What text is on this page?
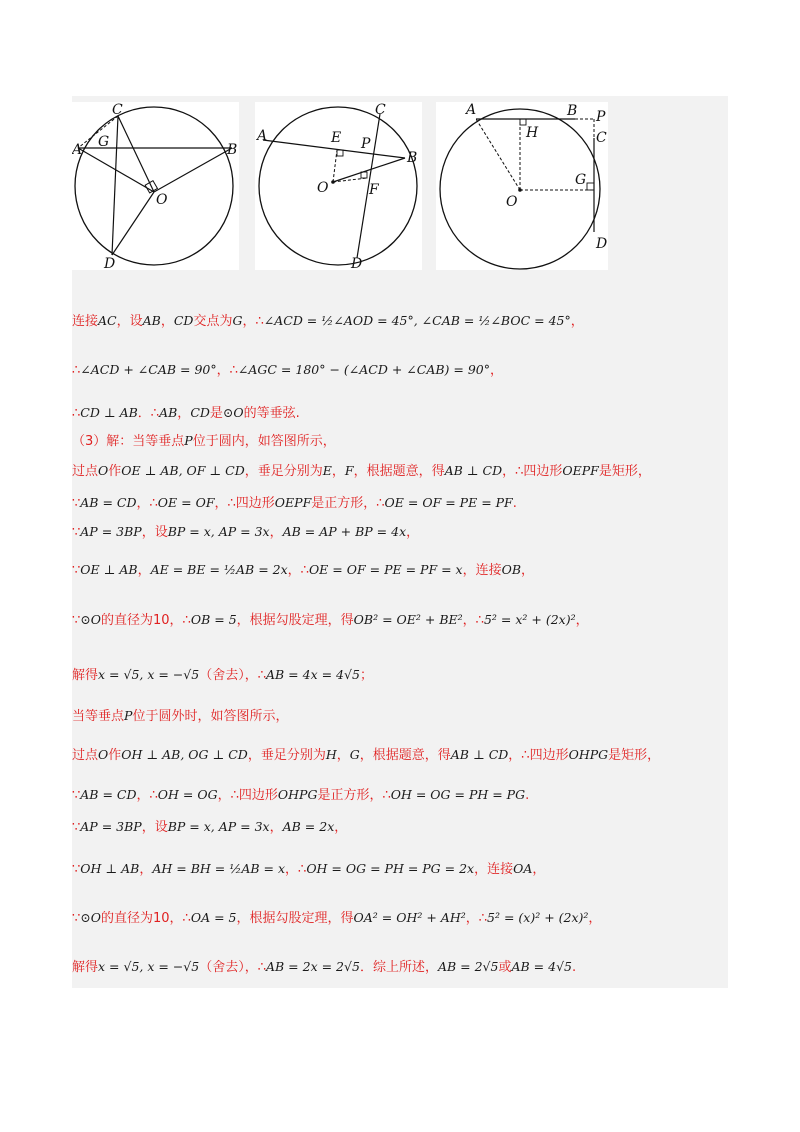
C
A G	B
O
D
A	E
C
P
B
O	F
D
A	B P
H	C
G
O
D
连接AC，设AB，CD交点为G，∴∠ACD = ½∠AOD = 45°, ∠CAB = ½∠BOC = 45°，
∴∠ACD + ∠CAB = 90°，∴∠AGC = 180° − (∠ACD + ∠CAB) = 90°，
∴CD ⊥ AB．∴AB，CD是⊙O的等垂弦.
（3）解：当等垂点P位于圆内，如答图所示，
过点O作OE ⊥ AB, OF ⊥ CD，垂足分别为E，F，根据题意，得AB ⊥ CD，∴四边形OEPF是矩形，
∵AB = CD，∴OE = OF，∴四边形OEPF是正方形，∴OE = OF = PE = PF.
∵AP = 3BP，设BP = x, AP = 3x，AB = AP + BP = 4x，
∵OE ⊥ AB，AE = BE = ½AB = 2x，∴OE = OF = PE = PF = x，连接OB，
∵⊙O的直径为10，∴OB = 5，根据勾股定理，得OB² = OE² + BE²，∴5² = x² + (2x)²，
解得x = √5, x = −√5（舍去），∴AB = 4x = 4√5；
当等垂点P位于圆外时，如答图所示，
过点O作OH ⊥ AB, OG ⊥ CD，垂足分别为H，G，根据题意，得AB ⊥ CD，∴四边形OHPG是矩形，
∵AB = CD，∴OH = OG，∴四边形OHPG是正方形，∴OH = OG = PH = PG.
∵AP = 3BP，设BP = x, AP = 3x，AB = 2x，
∵OH ⊥ AB，AH = BH = ½AB = x，∴OH = OG = PH = PG = 2x，连接OA，
∵⊙O的直径为10，∴OA = 5，根据勾股定理，得OA² = OH² + AH²，∴5² = (x)² + (2x)²，
解得x = √5, x = −√5（舍去），∴AB = 2x = 2√5．综上所述，AB = 2√5或AB = 4√5.
